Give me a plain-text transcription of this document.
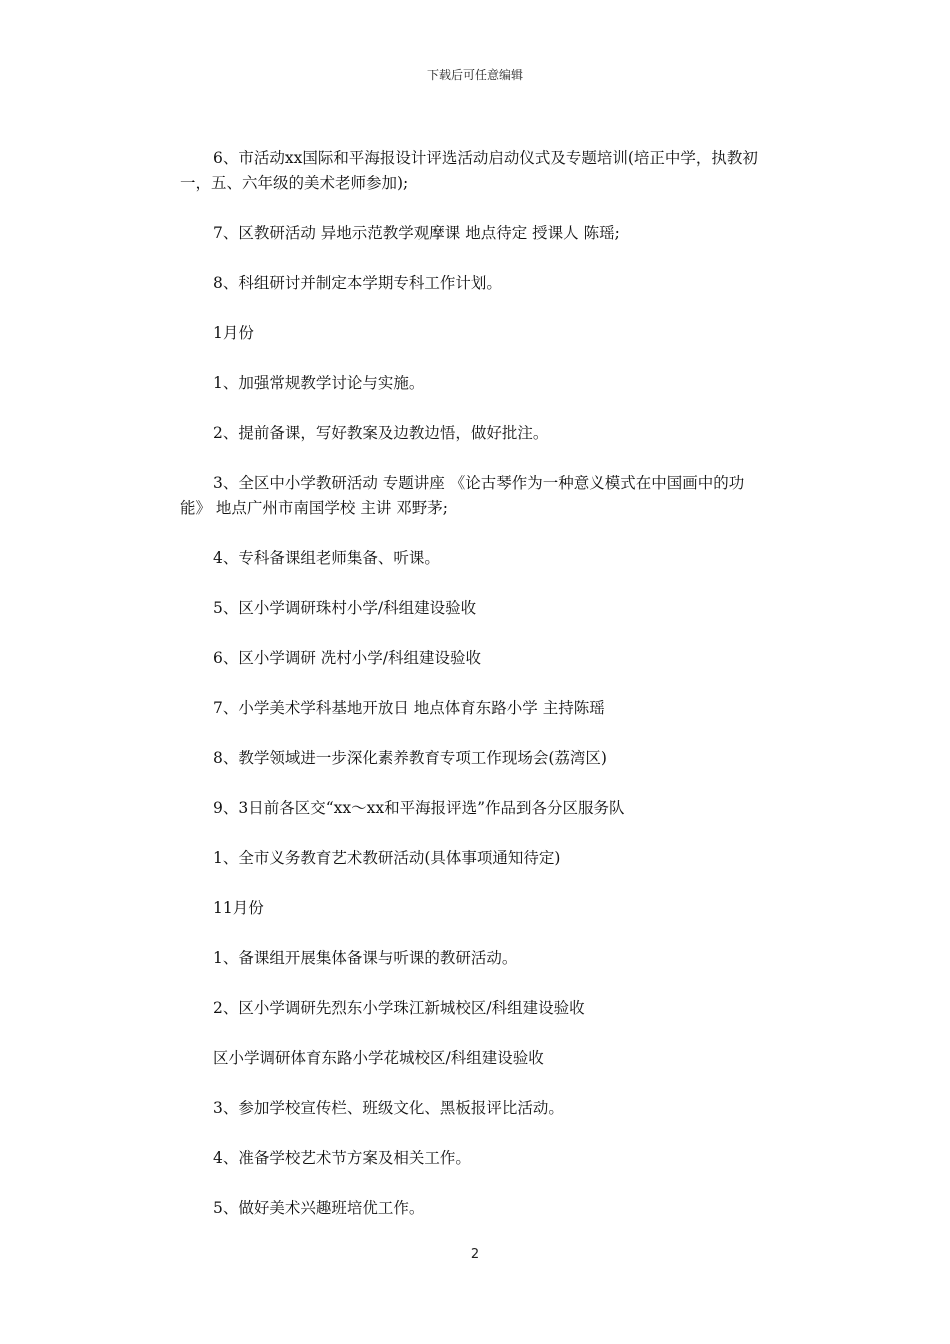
下载后可任意编辑

6、市活动xx国际和平海报设计评选活动启动仪式及专题培训(培正中学，执教初一，五、六年级的美术老师参加);

7、区教研活动 异地示范教学观摩课 地点待定 授课人 陈瑶;

8、科组研讨并制定本学期专科工作计划。

1月份

1、加强常规教学讨论与实施。

2、提前备课，写好教案及边教边悟，做好批注。

3、全区中小学教研活动 专题讲座 《论古琴作为一种意义模式在中国画中的功能》 地点广州市南国学校 主讲 邓野茅;

4、专科备课组老师集备、听课。

5、区小学调研珠村小学/科组建设验收

6、区小学调研 冼村小学/科组建设验收

7、小学美术学科基地开放日 地点体育东路小学 主持陈瑶

8、教学领域进一步深化素养教育专项工作现场会(荔湾区)

9、3日前各区交“xx～xx和平海报评选”作品到各分区服务队

1、全市义务教育艺术教研活动(具体事项通知待定)

11月份

1、备课组开展集体备课与听课的教研活动。

2、区小学调研先烈东小学珠江新城校区/科组建设验收

区小学调研体育东路小学花城校区/科组建设验收

3、参加学校宣传栏、班级文化、黑板报评比活动。

4、准备学校艺术节方案及相关工作。

5、做好美术兴趣班培优工作。

2
